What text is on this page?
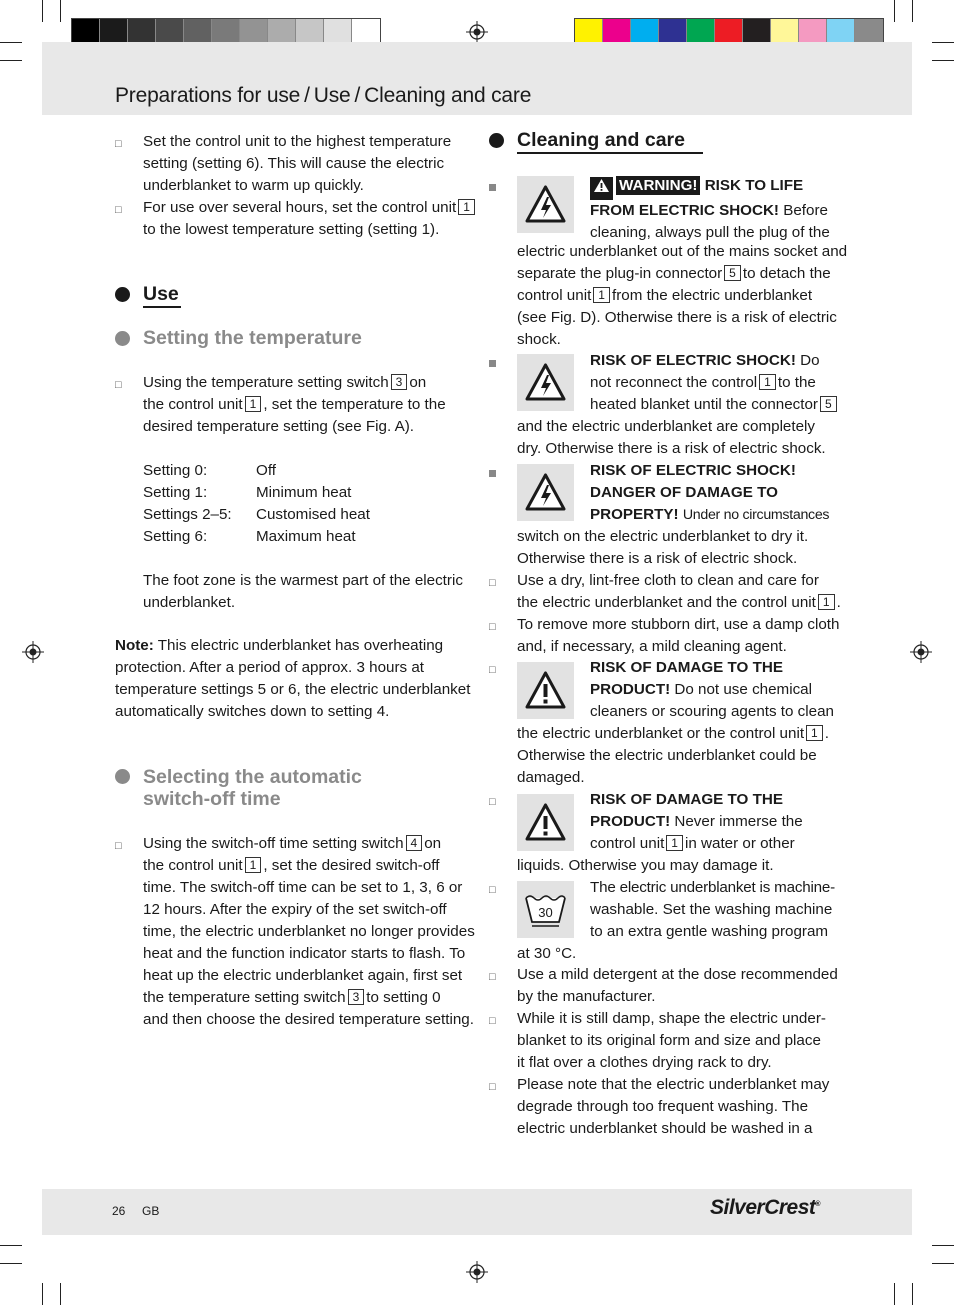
Preparations for use / Use / Cleaning and care
□ Set the control unit to the highest temperature
setting (setting 6). This will cause the electric
underblanket to warm up quickly.
□ For use over several hours, set the control unit 1
to the lowest temperature setting (setting 1).
Use
Setting the temperature
□ Using the temperature setting switch 3 on
the control unit 1 , set the temperature to the
desired temperature setting (see Fig. A).
Setting 0:	Off
Setting 1:	Minimum heat
Settings 2–5:	Customised heat
Setting 6:	Maximum heat
The foot zone is the warmest part of the electric
underblanket.
Note: This electric underblanket has overheating
protection. After a period of approx. 3 hours at
temperature settings 5 or 6, the electric underblanket
automatically switches down to setting 4.
Selecting the automatic
switch-off time
□ Using the switch-off time setting switch 4 on
the control unit 1 , set the desired switch-off
time. The switch-off time can be set to 1, 3, 6 or
12 hours. After the expiry of the set switch-off
time, the electric underblanket no longer provides
heat and the function indicator starts to flash. To
heat up the electric underblanket again, first set
the temperature setting switch 3 to setting 0
and then choose the desired temperature setting.
Cleaning and care
WARNING! RISK TO LIFE
FROM ELECTRIC SHOCK! Before
cleaning, always pull the plug of the
electric underblanket out of the mains socket and
separate the plug-in connector 5 to detach the
control unit 1 from the electric underblanket
(see Fig. D). Otherwise there is a risk of electric
shock.
RISK OF ELECTRIC SHOCK! Do
not reconnect the control 1 to the
heated blanket until the connector 5
and the electric underblanket are completely
dry. Otherwise there is a risk of electric shock.
RISK OF ELECTRIC SHOCK!
DANGER OF DAMAGE TO
PROPERTY! Under no circumstances
switch on the electric underblanket to dry it.
Otherwise there is a risk of electric shock.
□ Use a dry, lint-free cloth to clean and care for
the electric underblanket and the control unit 1 .
□ To remove more stubborn dirt, use a damp cloth
and, if necessary, a mild cleaning agent.
□	RISK OF DAMAGE TO THE
PRODUCT! Do not use chemical
cleaners or scouring agents to clean
the electric underblanket or the control unit 1 .
Otherwise the electric underblanket could be
damaged.
□	RISK OF DAMAGE TO THE
PRODUCT! Never immerse the
control unit 1 in water or other
liquids. Otherwise you may damage it.
□
30
The electric underblanket is machine-
washable. Set the washing machine
to an extra gentle washing program
at 30 °C.
□ Use a mild detergent at the dose recommended
by the manufacturer.
□ While it is still damp, shape the electric under-
blanket to its original form and size and place
it flat over a clothes drying rack to dry.
□ Please note that the electric underblanket may
degrade through too frequent washing. The
electric underblanket should be washed in a
26 GB	SilverCrest®
